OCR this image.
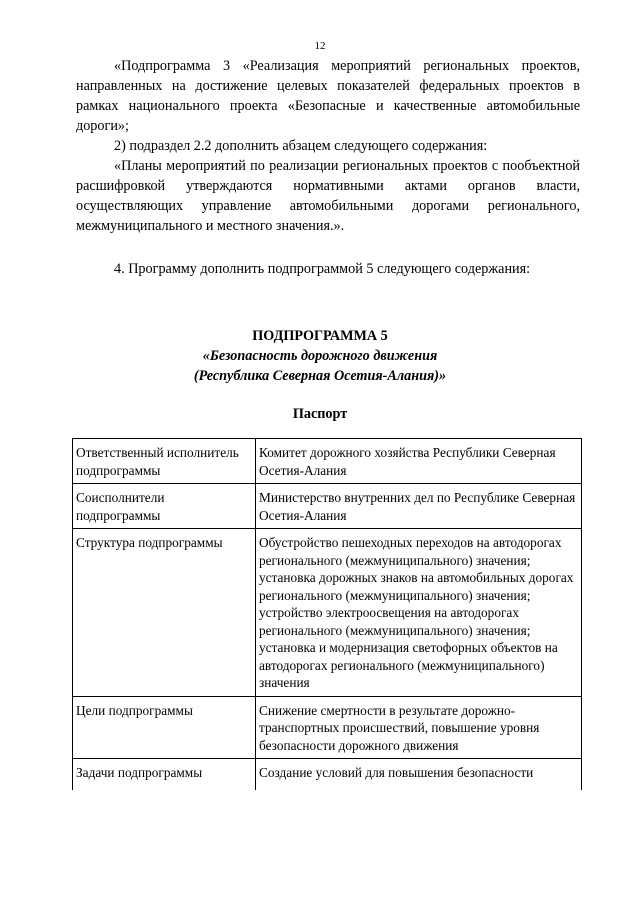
12

«Подпрограмма 3 «Реализация мероприятий региональных проектов, направленных на достижение целевых показателей федеральных проектов в рамках национального проекта «Безопасные и качественные автомобильные дороги»;

2) подраздел 2.2 дополнить абзацем следующего содержания:

«Планы мероприятий по реализации региональных проектов с пообъектной расшифровкой утверждаются нормативными актами органов власти, осуществляющих управление автомобильными дорогами регионального, межмуниципального и местного значения.».

4. Программу дополнить подпрограммой 5 следующего содержания:

ПОДПРОГРАММА 5
«Безопасность дорожного движения
(Республика Северная Осетия-Алания)»
Паспорт
Ответственный исполнитель подпрограммы	Комитет дорожного хозяйства Республики Северная Осетия-Алания
Соисполнители подпрограммы	Министерство внутренних дел по Республике Северная Осетия-Алания
Структура подпрограммы	Обустройство пешеходных переходов на автодорогах регионального (межмуниципального) значения;
установка дорожных знаков на автомобильных дорогах регионального (межмуниципального) значения;
устройство электроосвещения на автодорогах регионального (межмуниципального) значения;
установка и модернизация светофорных объектов на автодорогах регионального (межмуниципального) значения

Цели подпрограммы	Снижение смертности в результате дорожно-транспортных происшествий, повышение уровня безопасности дорожного движения
Задачи подпрограммы	Создание условий для повышения безопасности
